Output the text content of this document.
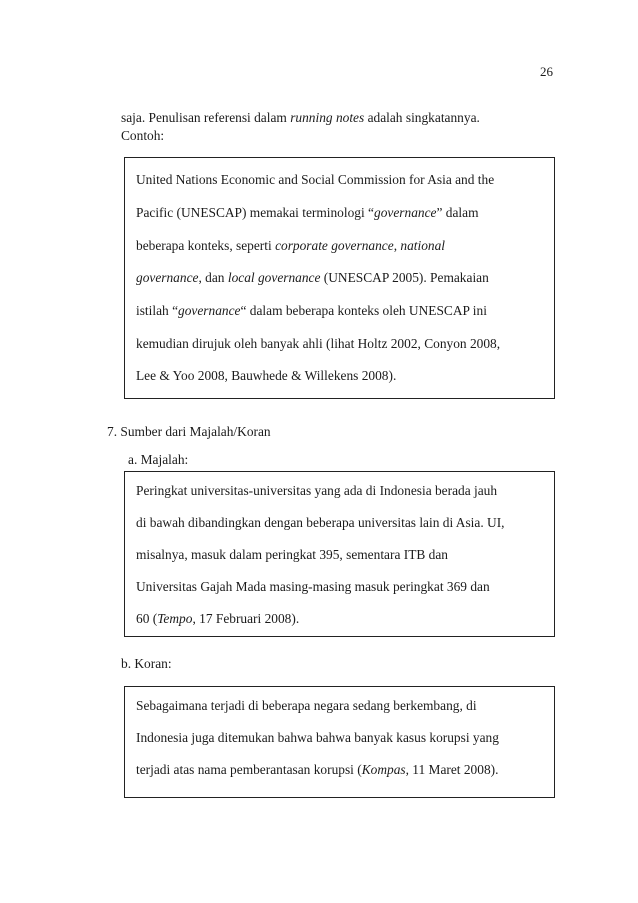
26
saja. Penulisan referensi dalam running notes adalah singkatannya.
Contoh:
United Nations Economic and Social Commission for Asia and the
Pacific (UNESCAP) memakai terminologi “governance” dalam
beberapa konteks, seperti corporate governance, national
governance, dan local governance (UNESCAP 2005). Pemakaian
istilah “governance“ dalam beberapa konteks oleh UNESCAP ini
kemudian dirujuk oleh banyak ahli (lihat Holtz 2002, Conyon 2008,
Lee & Yoo 2008, Bauwhede & Willekens 2008).
7. Sumber dari Majalah/Koran
a. Majalah:
Peringkat universitas-universitas yang ada di Indonesia berada jauh
di bawah dibandingkan dengan beberapa universitas lain di Asia. UI,
misalnya, masuk dalam peringkat 395, sementara ITB dan
Universitas Gajah Mada masing-masing masuk peringkat 369 dan
60 (Tempo, 17 Februari 2008).
b. Koran:
Sebagaimana terjadi di beberapa negara sedang berkembang, di
Indonesia juga ditemukan bahwa bahwa banyak kasus korupsi yang
terjadi atas nama pemberantasan korupsi (Kompas, 11 Maret 2008).
